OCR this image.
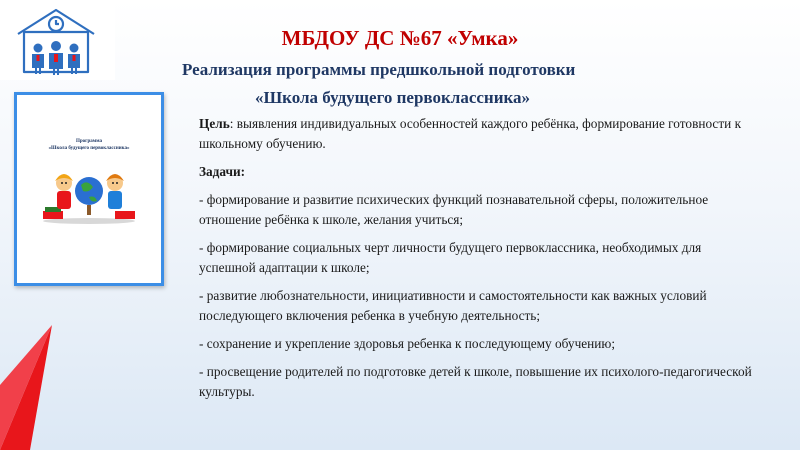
МБДОУ ДС №67 «Умка»
Реализация программы предшкольной подготовки
«Школа будущего первоклассника»
Программа
«Школа будущего первоклассника»

Цель: выявления индивидуальных особенностей каждого ребёнка, формирование готовности к школьному обучению.

Задачи:

- формирование и развитие психических функций познавательной сферы, положительное отношение ребёнка к школе, желания учиться;

- формирование социальных черт личности будущего первоклассника, необходимых для успешной адаптации к школе;

- развитие любознательности, инициативности и самостоятельности как важных условий последующего включения ребенка в учебную деятельность;

- сохранение и укрепление здоровья ребенка к последующему обучению;

- просвещение родителей по подготовке детей к школе, повышение их психолого-педагогической культуры.
